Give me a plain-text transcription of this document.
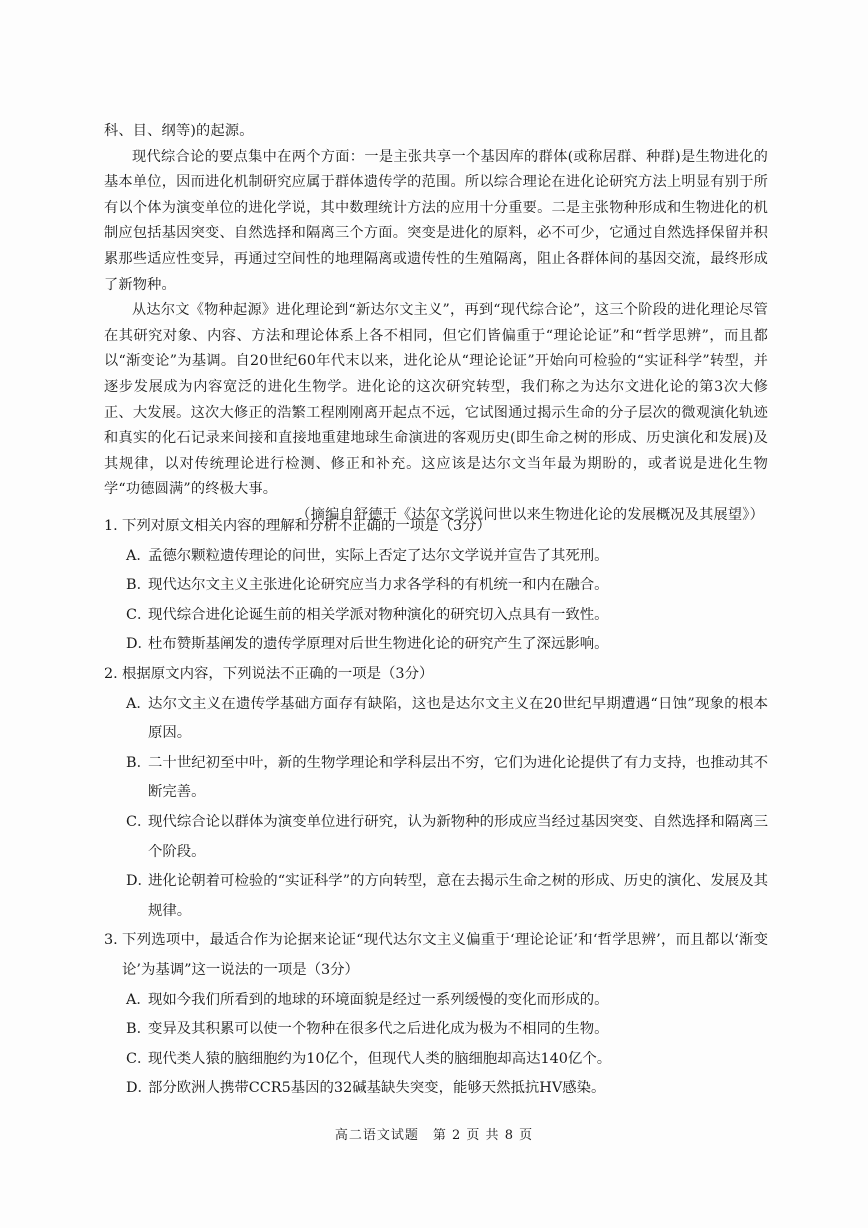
科、目、纲等)的起源。

现代综合论的要点集中在两个方面：一是主张共享一个基因库的群体(或称居群、种群)是生物进化的基本单位，因而进化机制研究应属于群体遗传学的范围。所以综合理论在进化论研究方法上明显有别于所有以个体为演变单位的进化学说，其中数理统计方法的应用十分重要。二是主张物种形成和生物进化的机制应包括基因突变、自然选择和隔离三个方面。突变是进化的原料，必不可少，它通过自然选择保留并积累那些适应性变异，再通过空间性的地理隔离或遗传性的生殖隔离，阻止各群体间的基因交流，最终形成了新物种。

从达尔文《物种起源》进化理论到“新达尔文主义”，再到“现代综合论”，这三个阶段的进化理论尽管在其研究对象、内容、方法和理论体系上各不相同，但它们皆偏重于“理论论证”和“哲学思辨”，而且都以“渐变论”为基调。自20世纪60年代末以来，进化论从“理论论证”开始向可检验的“实证科学”转型，并逐步发展成为内容宽泛的进化生物学。进化论的这次研究转型，我们称之为达尔文进化论的第3次大修正、大发展。这次大修正的浩繁工程刚刚离开起点不远，它试图通过揭示生命的分子层次的微观演化轨迹和真实的化石记录来间接和直接地重建地球生命演进的客观历史(即生命之树的形成、历史演化和发展)及其规律，以对传统理论进行检测、修正和补充。这应该是达尔文当年最为期盼的，或者说是进化生物学“功德圆满”的终极大事。

（摘编自舒德干《达尔文学说问世以来生物进化论的发展概况及其展望》）

1. 下列对原文相关内容的理解和分析不正确的一项是（3分）
A．
孟德尔颗粒遗传理论的问世，实际上否定了达尔文学说并宣告了其死刑。
B．
现代达尔文主义主张进化论研究应当力求各学科的有机统一和内在融合。
C．
现代综合进化论诞生前的相关学派对物种演化的研究切入点具有一致性。
D．
杜布赞斯基阐发的遗传学原理对后世生物进化论的研究产生了深远影响。
2. 根据原文内容，下列说法不正确的一项是（3分）
A．
达尔文主义在遗传学基础方面存有缺陷，这也是达尔文主义在20世纪早期遭遇“日蚀”现象的根本原因。
B．
二十世纪初至中叶，新的生物学理论和学科层出不穷，它们为进化论提供了有力支持，也推动其不断完善。
C．
现代综合论以群体为演变单位进行研究，认为新物种的形成应当经过基因突变、自然选择和隔离三个阶段。
D．
进化论朝着可检验的“实证科学”的方向转型，意在去揭示生命之树的形成、历史的演化、发展及其规律。
3. 下列选项中，最适合作为论据来论证“现代达尔文主义偏重于‘理论论证’和‘哲学思辨’，而且都以‘渐变论’为基调”这一说法的一项是（3分）
A．
现如今我们所看到的地球的环境面貌是经过一系列缓慢的变化而形成的。
B．
变异及其积累可以使一个物种在很多代之后进化成为极为不相同的生物。
C．
现代类人猿的脑细胞约为10亿个，但现代人类的脑细胞却高达140亿个。
D．
部分欧洲人携带CCR5基因的32碱基缺失突变，能够天然抵抗HV感染。
高二语文试题　第 2 页 共 8 页
